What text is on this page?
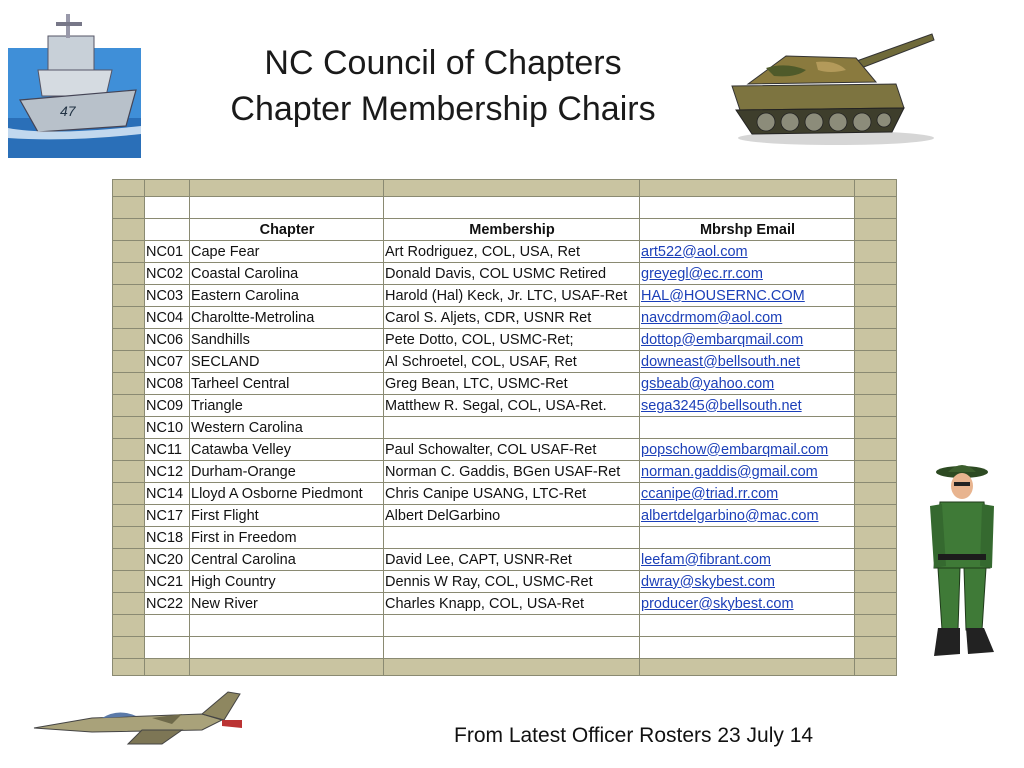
NC Council of Chapters
Chapter Membership Chairs
47

		Chapter	Membership	Mbrshp Email	
	NC01	Cape Fear	Art Rodriguez, COL, USA, Ret	art522@aol.com	
	NC02	Coastal Carolina	Donald Davis, COL USMC Retired	greyegl@ec.rr.com	
	NC03	Eastern Carolina	Harold (Hal) Keck, Jr. LTC, USAF-Ret	HAL@HOUSERNC.COM	
	NC04	Charoltte-Metrolina	Carol S. Aljets, CDR, USNR Ret	navcdrmom@aol.com	
	NC06	Sandhills	Pete Dotto, COL, USMC-Ret;	dottop@embarqmail.com	
	NC07	SECLAND	Al Schroetel, COL, USAF, Ret	downeast@bellsouth.net	
	NC08	Tarheel Central	Greg Bean, LTC, USMC-Ret	gsbeab@yahoo.com	
	NC09	Triangle	Matthew R. Segal, COL, USA-Ret.	sega3245@bellsouth.net	
	NC10	Western Carolina			
	NC11	Catawba Velley	Paul Schowalter, COL USAF-Ret	popschow@embarqmail.com	
	NC12	Durham-Orange	Norman C. Gaddis, BGen USAF-Ret	norman.gaddis@gmail.com	
	NC14	Lloyd A Osborne Piedmont	Chris Canipe USANG, LTC-Ret	ccanipe@triad.rr.com	
	NC17	First Flight	Albert DelGarbino	albertdelgarbino@mac.com	
	NC18	First in Freedom			
	NC20	Central Carolina	David Lee, CAPT, USNR-Ret	leefam@fibrant.com	
	NC21	High Country	Dennis W Ray, COL, USMC-Ret	dwray@skybest.com	
	NC22	New River	Charles Knapp, COL, USA-Ret	producer@skybest.com	

From Latest Officer Rosters 23 July 14
